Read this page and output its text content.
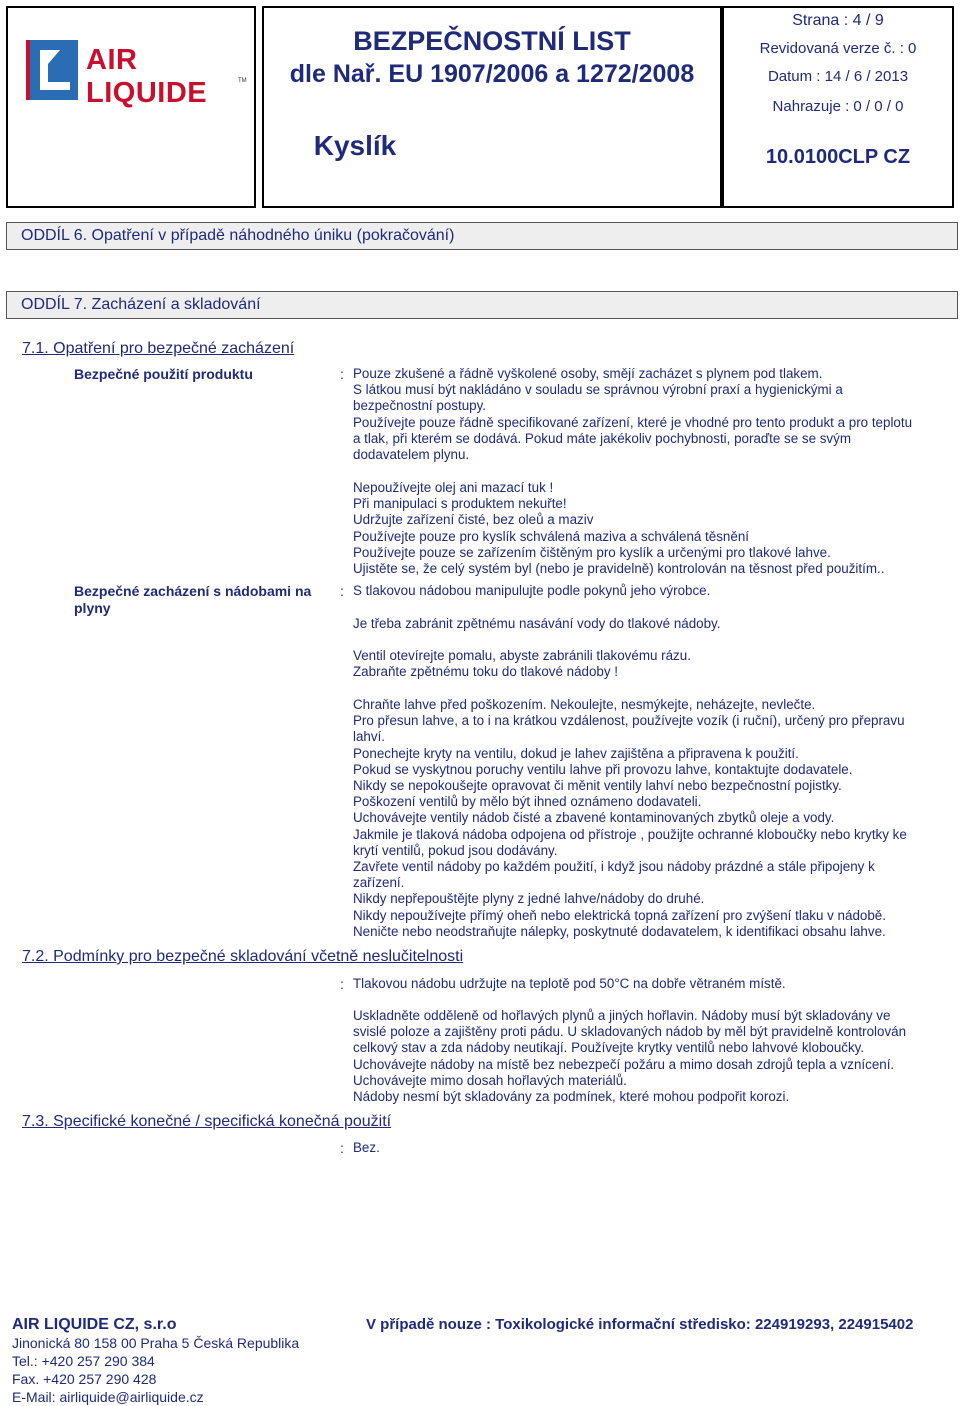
AIR LIQUIDE	TM
BEZPEČNOSTNÍ LIST
dle Nař. EU 1907/2006 a 1272/2008
Kyslík
Strana : 4 / 9
Revidovaná verze č. : 0
Datum : 14 / 6 / 2013
Nahrazuje : 0 / 0 / 0
10.0100CLP CZ
ODDÍL 6. Opatření v případě náhodného úniku (pokračování)
ODDÍL 7. Zacházení a skladování
7.1. Opatření pro bezpečné zacházení
Bezpečné použití produktu	: Pouze zkušené a řádně vyškolené osoby, smějí zacházet s plynem pod tlakem.
S látkou musí být nakládáno v souladu se správnou výrobní praxí a hygienickými a
bezpečnostní postupy.
Používejte pouze řádně specifikované zařízení, které je vhodné pro tento produkt a pro teplotu
a tlak, při kterém se dodává. Pokud máte jakékoliv pochybnosti, poraďte se se svým
dodavatelem plynu.
Nepoužívejte olej ani mazací tuk !
Při manipulaci s produktem nekuřte!
Udržujte zařízení čisté, bez oleů a maziv
Používejte pouze pro kyslík schválená maziva a schválená těsnění
Používejte pouze se zařízením čištěným pro kyslík a určenými pro tlakové lahve.
Ujistěte se, že celý systém byl (nebo je pravidelně) kontrolován na těsnost před použitím..
Bezpečné zacházení s nádobami na
plyny
: S tlakovou nádobou manipulujte podle pokynů jeho výrobce.
Je třeba zabránit zpětnému nasávání vody do tlakové nádoby.
Ventil otevírejte pomalu, abyste zabránili tlakovému rázu.
Zabraňte zpětnému toku do tlakové nádoby !
Chraňte lahve před poškozením. Nekoulejte, nesmýkejte, neházejte, nevlečte.
Pro přesun lahve, a to i na krátkou vzdálenost, používejte vozík (i ruční), určený pro přepravu
lahví.
Ponechejte kryty na ventilu, dokud je lahev zajištěna a připravena k použití.
Pokud se vyskytnou poruchy ventilu lahve při provozu lahve, kontaktujte dodavatele.
Nikdy se nepokoušejte opravovat či měnit ventily lahví nebo bezpečnostní pojistky.
Poškození ventilů by mělo být ihned oznámeno dodavateli.
Uchovávejte ventily nádob čisté a zbavené kontaminovaných zbytků oleje a vody.
Jakmile je tlaková nádoba odpojena od přístroje , použijte ochranné kloboučky nebo krytky ke
krytí ventilů, pokud jsou dodávány.
Zavřete ventil nádoby po každém použití, i když jsou nádoby prázdné a stále připojeny k
zařízení.
Nikdy nepřepouštějte plyny z jedné lahve/nádoby do druhé.
Nikdy nepoužívejte přímý oheň nebo elektrická topná zařízení pro zvýšení tlaku v nádobě.
Neničte nebo neodstraňujte nálepky, poskytnuté dodavatelem, k identifikaci obsahu lahve.
7.2. Podmínky pro bezpečné skladování včetně neslučitelnosti
: Tlakovou nádobu udržujte na teplotě pod 50°C na dobře větraném místě.
Uskladněte odděleně od hořlavých plynů a jiných hořlavin. Nádoby musí být skladovány ve
svislé poloze a zajištěny proti pádu. U skladovaných nádob by měl být pravidelně kontrolován
celkový stav a zda nádoby neutikají. Používejte krytky ventilů nebo lahvové kloboučky.
Uchovávejte nádoby na místě bez nebezpečí požáru a mimo dosah zdrojů tepla a vznícení.
Uchovávejte mimo dosah hořlavých materiálů.
Nádoby nesmí být skladovány za podmínek, které mohou podpořit korozi.
7.3. Specifické konečné / specifická konečná použití
: Bez.
AIR LIQUIDE CZ, s.r.o
Jinonická 80 158 00 Praha 5 Česká Republika
Tel.: +420 257 290 384
Fax. +420 257 290 428
E-Mail: airliquide@airliquide.cz
V případě nouze : Toxikologické informační středisko: 224919293, 224915402
